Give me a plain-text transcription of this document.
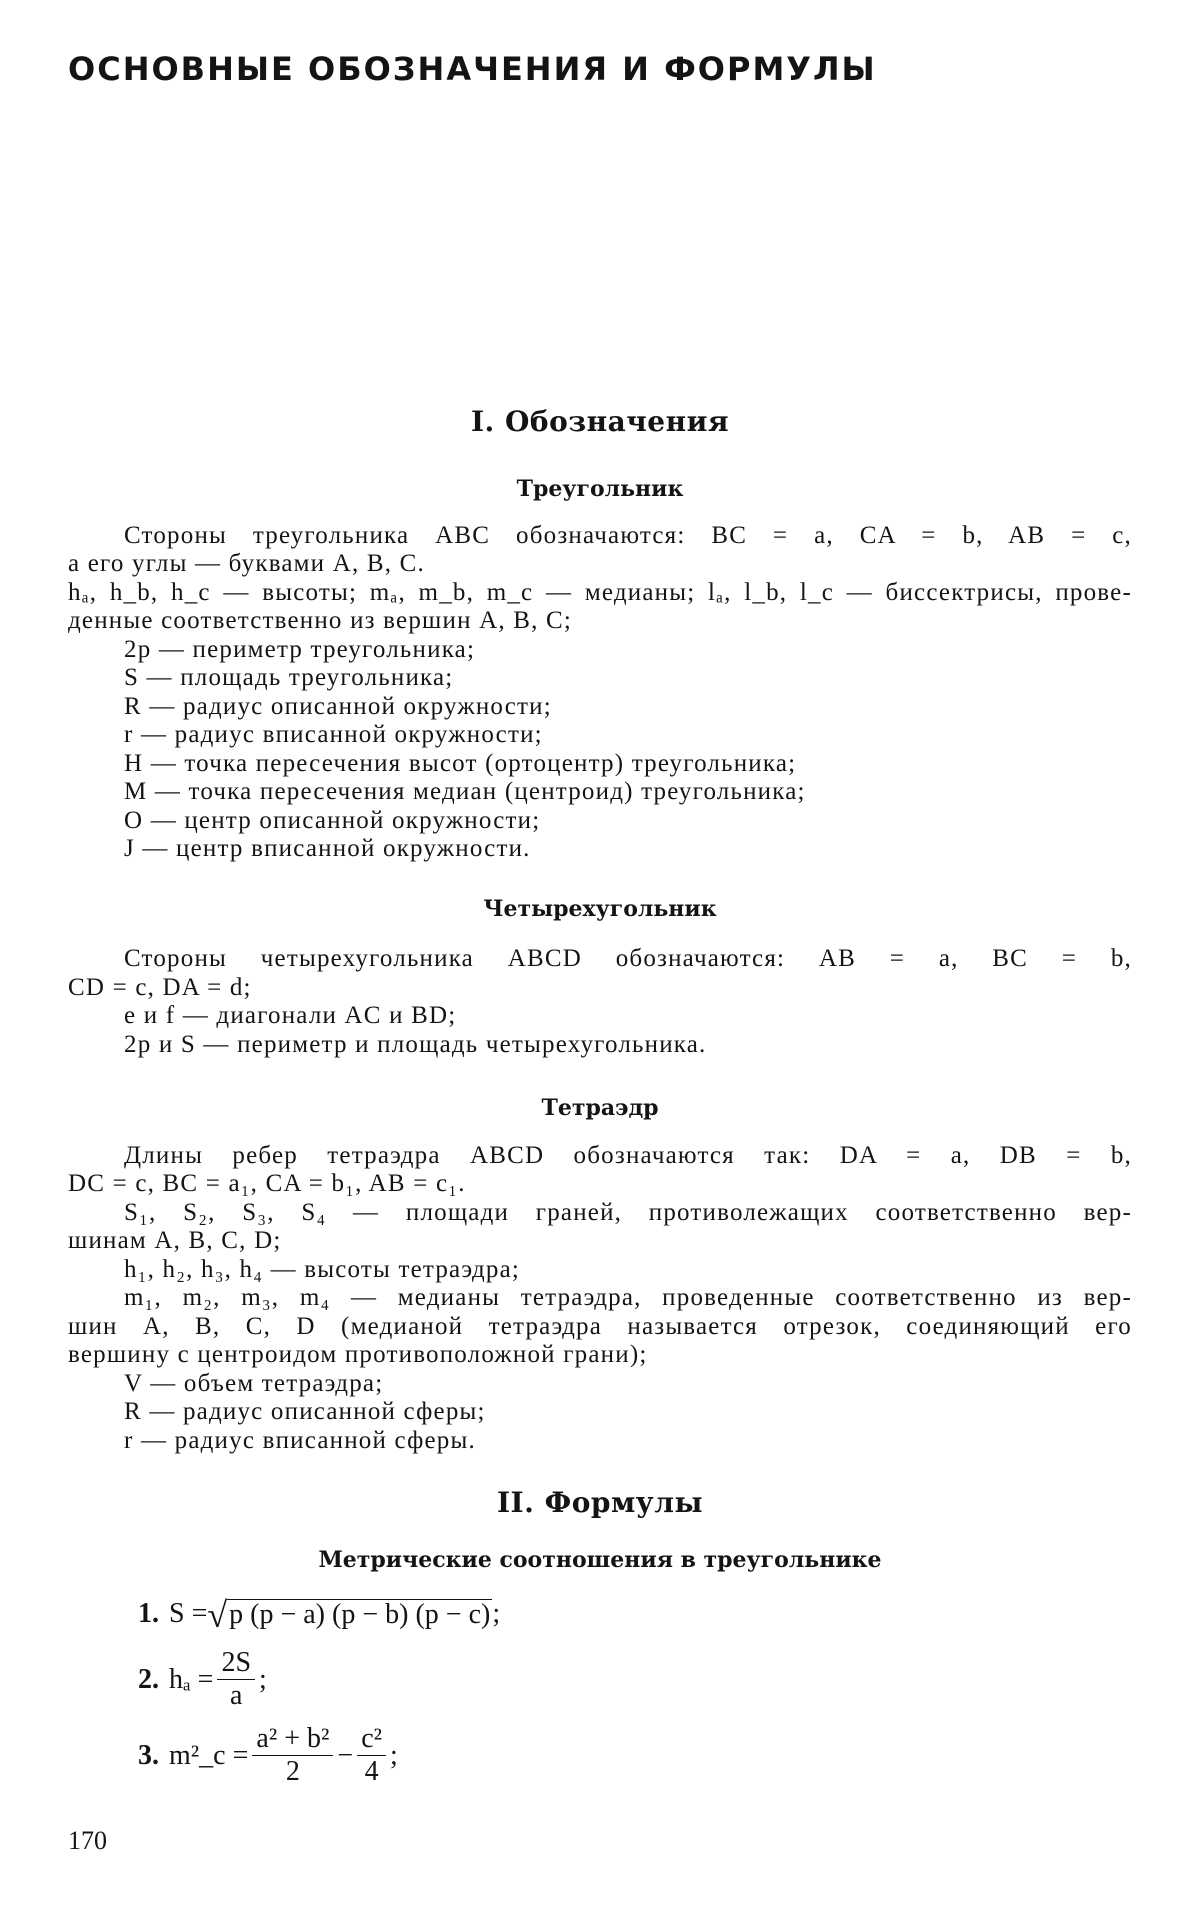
ОСНОВНЫЕ ОБОЗНАЧЕНИЯ И ФОРМУЛЫ
I. Обозначения
Треугольник

Стороны треугольника ABC обозначаются: BC = a, CA = b, AB = c,

а его углы — буквами A, B, C.

hₐ, h_b, h_c — высоты; mₐ, m_b, m_c — медианы; lₐ, l_b, l_c — биссектрисы, прове-

денные соответственно из вершин A, B, C;

2p — периметр треугольника;

S — площадь треугольника;

R — радиус описанной окружности;

r — радиус вписанной окружности;

H — точка пересечения высот (ортоцентр) треугольника;

M — точка пересечения медиан (центроид) треугольника;

O — центр описанной окружности;

J — центр вписанной окружности.

Четырехугольник

Стороны четырехугольника ABCD обозначаются: AB = a, BC = b,

CD = c, DA = d;

e и f — диагонали AC и BD;

2p и S — периметр и площадь четырехугольника.

Тетраэдр

Длины ребер тетраэдра ABCD обозначаются так: DA = a, DB = b,

DC = c, BC = a₁, CA = b₁, AB = c₁.

S₁, S₂, S₃, S₄ — площади граней, противолежащих соответственно вер-

шинам A, B, C, D;

h₁, h₂, h₃, h₄ — высоты тетраэдра;

m₁, m₂, m₃, m₄ — медианы тетраэдра, проведенные соответственно из вер-

шин A, B, C, D (медианой тетраэдра называется отрезок, соединяющий его

вершину с центроидом противоположной грани);

V — объем тетраэдра;

R — радиус описанной сферы;

r — радиус вписанной сферы.

II. Формулы
Метрические соотношения в треугольнике
1. S = √ p (p − a) (p − b) (p − c) ;
2. hₐ =
2S
a
;
3. m²_c =
a² + b²
2
−
c²
4
;

170
